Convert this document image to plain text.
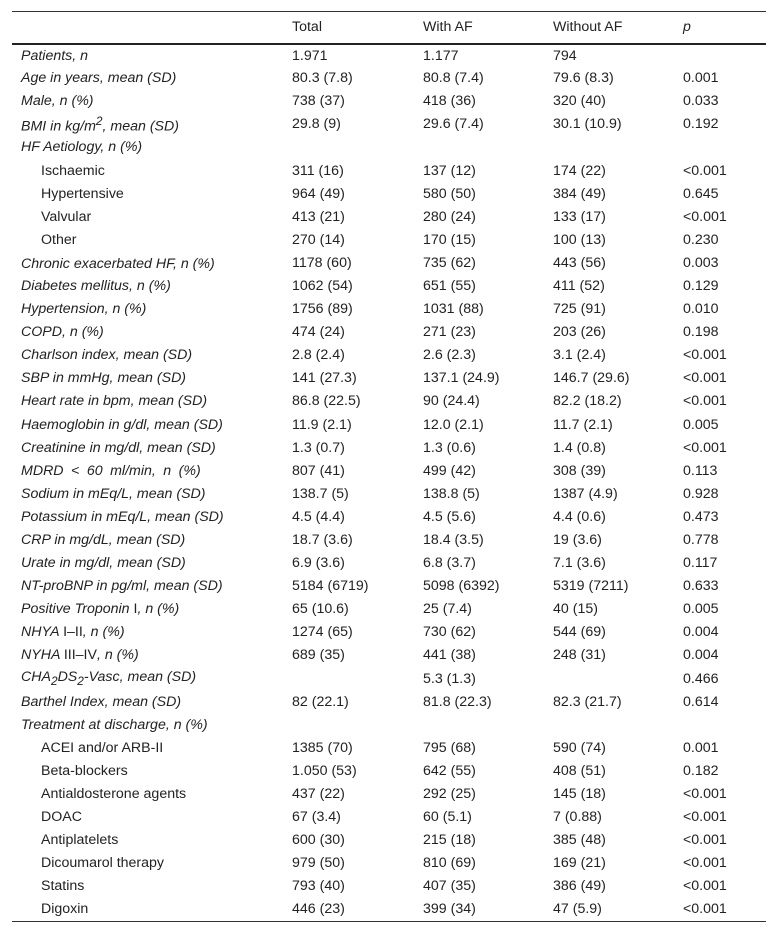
	Total	With AF	Without AF	p
Patients, n	1.971	1.177	794	
Age in years, mean (SD)	80.3 (7.8)	80.8 (7.4)	79.6 (8.3)	0.001
Male, n (%)	738 (37)	418 (36)	320 (40)	0.033
BMI in $kg/m^2$, mean (SD)	29.8 (9)	29.6 (7.4)	30.1 (10.9)	0.192
HF Aetiology, n (%)				
Ischaemic	311 (16)	137 (12)	174 (22)	<0.001
Hypertensive	964 (49)	580 (50)	384 (49)	0.645
Valvular	413 (21)	280 (24)	133 (17)	<0.001
Other	270 (14)	170 (15)	100 (13)	0.230
Chronic exacerbated HF, n (%)	1178 (60)	735 (62)	443 (56)	0.003
Diabetes mellitus, n (%)	1062 (54)	651 (55)	411 (52)	0.129
Hypertension, n (%)	1756 (89)	1031 (88)	725 (91)	0.010
COPD, n (%)	474 (24)	271 (23)	203 (26)	0.198
Charlson index, mean (SD)	2.8 (2.4)	2.6 (2.3)	3.1 (2.4)	<0.001
SBP in mmHg, mean (SD)	141 (27.3)	137.1 (24.9)	146.7 (29.6)	<0.001
Heart rate in bpm, mean (SD)	86.8 (22.5)	90 (24.4)	82.2 (18.2)	<0.001
Haemoglobin in g/dl, mean (SD)	11.9 (2.1)	12.0 (2.1)	11.7 (2.1)	0.005
Creatinine in mg/dl, mean (SD)	1.3 (0.7)	1.3 (0.6)	1.4 (0.8)	<0.001
MDRD < 60 ml/min, n (%)	807 (41)	499 (42)	308 (39)	0.113
Sodium in mEq/L, mean (SD)	138.7 (5)	138.8 (5)	1387 (4.9)	0.928
Potassium in mEq/L, mean (SD)	4.5 (4.4)	4.5 (5.6)	4.4 (0.6)	0.473
CRP in mg/dL, mean (SD)	18.7 (3.6)	18.4 (3.5)	19 (3.6)	0.778
Urate in mg/dl, mean (SD)	6.9 (3.6)	6.8 (3.7)	7.1 (3.6)	0.117
NT-proBNP in pg/ml, mean (SD)	5184 (6719)	5098 (6392)	5319 (7211)	0.633
Positive Troponin I, n (%)	65 (10.6)	25 (7.4)	40 (15)	0.005
NHYA I–II, n (%)	1274 (65)	730 (62)	544 (69)	0.004
NYHA III–IV, n (%)	689 (35)	441 (38)	248 (31)	0.004
$CHA_2DS_2$-Vasc, mean (SD)		5.3 (1.3)		0.466
Barthel Index, mean (SD)	82 (22.1)	81.8 (22.3)	82.3 (21.7)	0.614
Treatment at discharge, n (%)				
ACEI and/or ARB-II	1385 (70)	795 (68)	590 (74)	0.001
Beta-blockers	1.050 (53)	642 (55)	408 (51)	0.182
Antialdosterone agents	437 (22)	292 (25)	145 (18)	<0.001
DOAC	67 (3.4)	60 (5.1)	7 (0.88)	<0.001
Antiplatelets	600 (30)	215 (18)	385 (48)	<0.001
Dicoumarol therapy	979 (50)	810 (69)	169 (21)	<0.001
Statins	793 (40)	407 (35)	386 (49)	<0.001
Digoxin	446 (23)	399 (34)	47 (5.9)	<0.001
